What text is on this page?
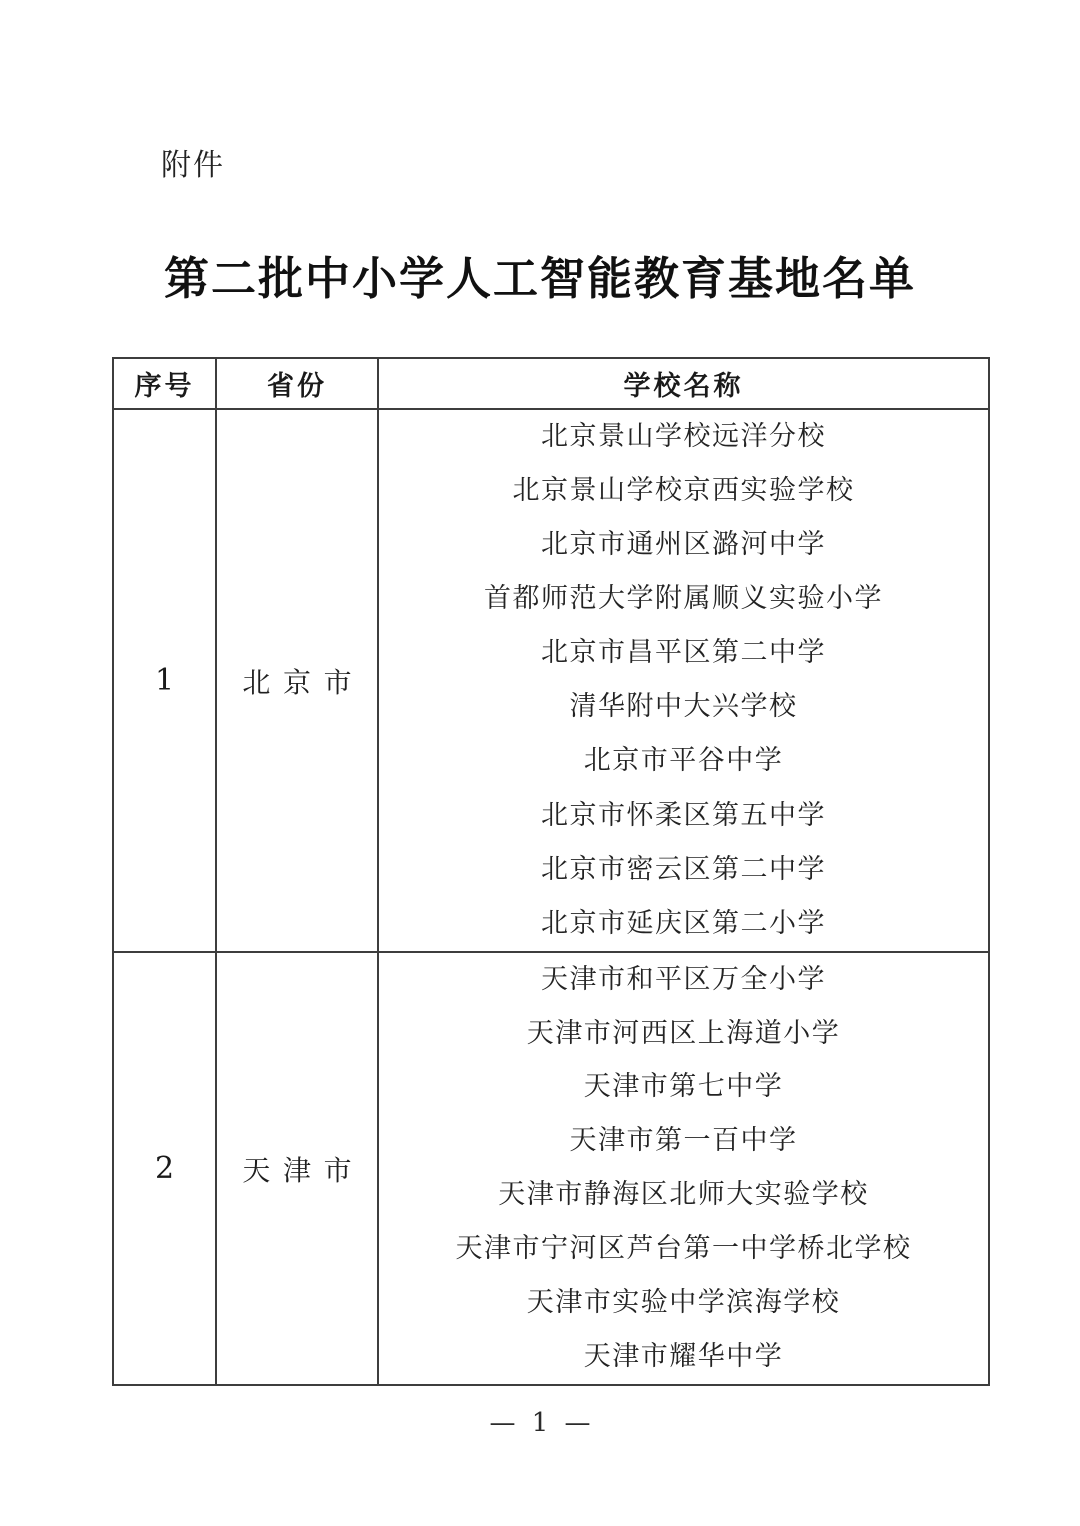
附件
第二批中小学人工智能教育基地名单
序号	省份	学校名称
1	北京市	
北京景山学校远洋分校
北京景山学校京西实验学校
北京市通州区潞河中学
首都师范大学附属顺义实验小学
北京市昌平区第二中学
清华附中大兴学校
北京市平谷中学
北京市怀柔区第五中学
北京市密云区第二中学
北京市延庆区第二小学

2	天津市	
天津市和平区万全小学
天津市河西区上海道小学
天津市第七中学
天津市第一百中学
天津市静海区北师大实验学校
天津市宁河区芦台第一中学桥北学校
天津市实验中学滨海学校
天津市耀华中学
— 1 —
